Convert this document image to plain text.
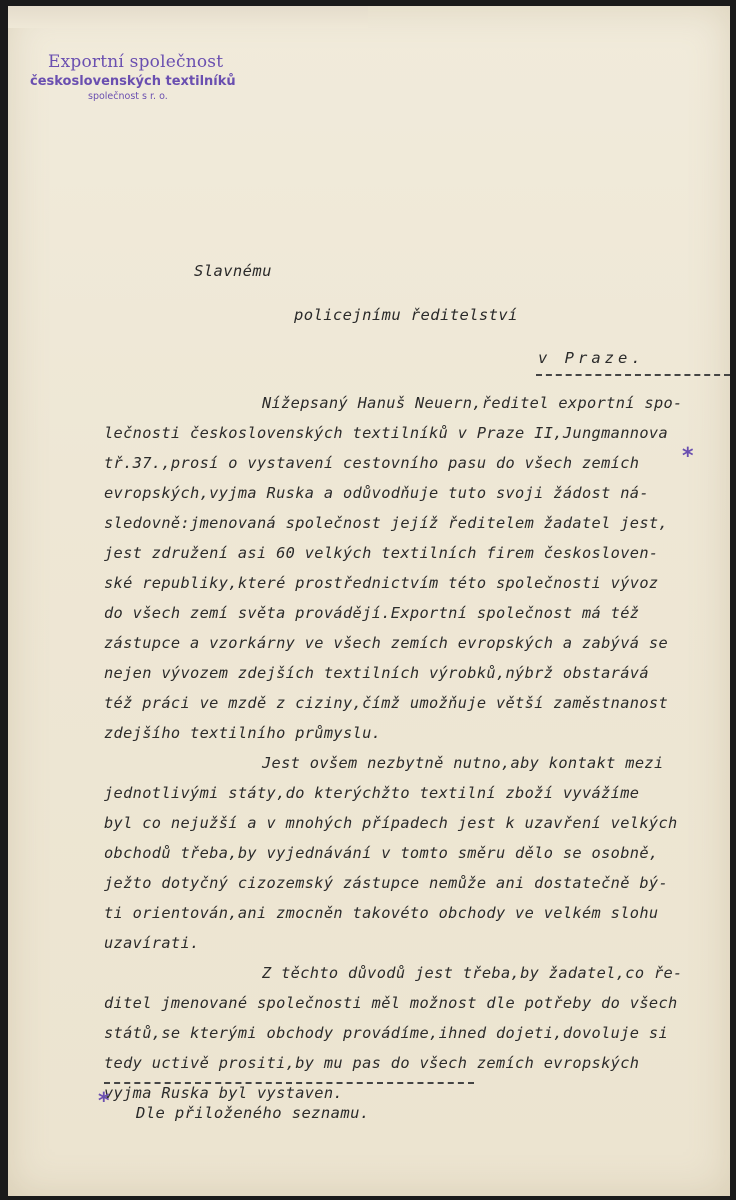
Exportní společnost
československých textilníků
společnost s r. o.
Slavnému
policejnímu ředitelství
v Praze.
Nížepsaný Hanuš Neuern,ředitel exportní spo-
lečnosti československých textilníků v Praze II,Jungmannova
tř.37.,prosí o vystavení cestovního pasu do všech zemích
evropských,vyjma Ruska a odůvodňuje tuto svoji žádost ná-
sledovně:jmenovaná společnost jejíž ředitelem žadatel jest,
jest združení asi 60 velkých textilních firem českosloven-
ské republiky,které prostřednictvím této společnosti vývoz
do všech zemí světa provádějí.Exportní společnost má též
zástupce a vzorkárny ve všech zemích evropských a zabývá se
nejen vývozem zdejších textilních výrobků,nýbrž obstarává
též práci ve mzdě z ciziny,čímž umožňuje větší zaměstnanost
zdejšího textilního průmyslu.
Jest ovšem nezbytně nutno,aby kontakt mezi
jednotlivými státy,do kterýchžto textilní zboží vyvážíme
byl co nejužší a v mnohých případech jest k uzavření velkých
obchodů třeba,by vyjednávání v tomto směru dělo se osobně,
ježto dotyčný cizozemský zástupce nemůže ani dostatečně bý-
ti orientován,ani zmocněn takovéto obchody ve velkém slohu
uzavírati.
Z těchto důvodů jest třeba,by žadatel,co ře-
ditel jmenované společnosti měl možnost dle potřeby do všech
států,se kterými obchody provádíme,ihned dojeti,dovoluje si
tedy uctivě prositi,by mu pas do všech zemích evropských
vyjma Ruska byl vystaven.
*
* Dle přiloženého seznamu.
